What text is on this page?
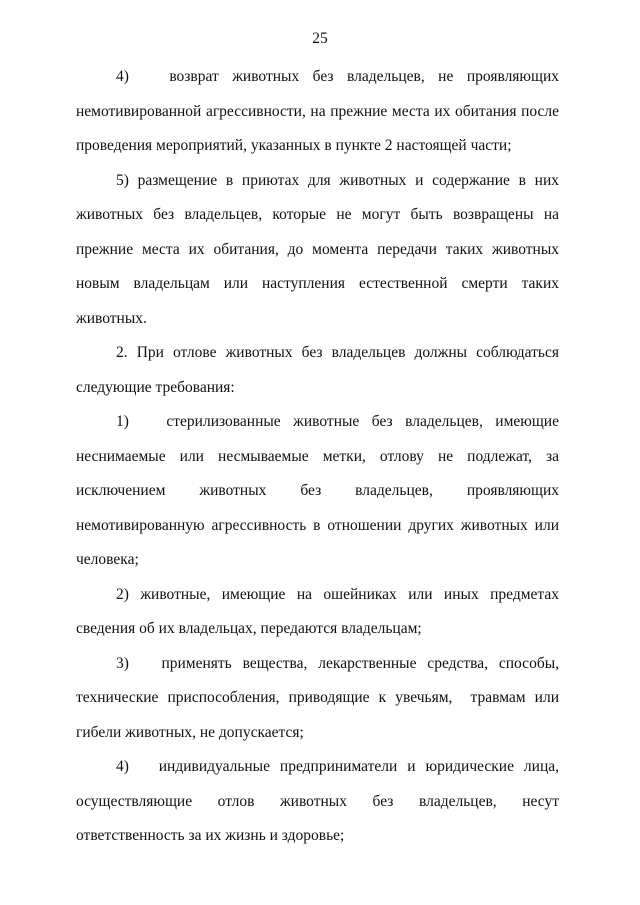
25

4)   возврат животных без владельцев, не проявляющих немотивированной агрессивности, на прежние места их обитания после проведения мероприятий, указанных в пункте 2 настоящей части;

5) размещение в приютах для животных и содержание в них животных без владельцев, которые не могут быть возвращены на прежние места их обитания, до момента передачи таких животных новым владельцам или наступления естественной смерти таких животных.

2. При отлове животных без владельцев должны соблюдаться следующие требования:

1)   стерилизованные животные без владельцев, имеющие неснимаемые или несмываемые метки, отлову не подлежат, за исключением животных без владельцев, проявляющих немотивированную агрессивность в отношении других животных или человека;

2) животные, имеющие на ошейниках или иных предметах сведения об их владельцах, передаются владельцам;

3)   применять вещества, лекарственные средства, способы, технические приспособления, приводящие к увечьям,  травмам или гибели животных, не допускается;

4)   индивидуальные предприниматели и юридические лица, осуществляющие отлов животных без владельцев, несут ответственность за их жизнь и здоровье;
